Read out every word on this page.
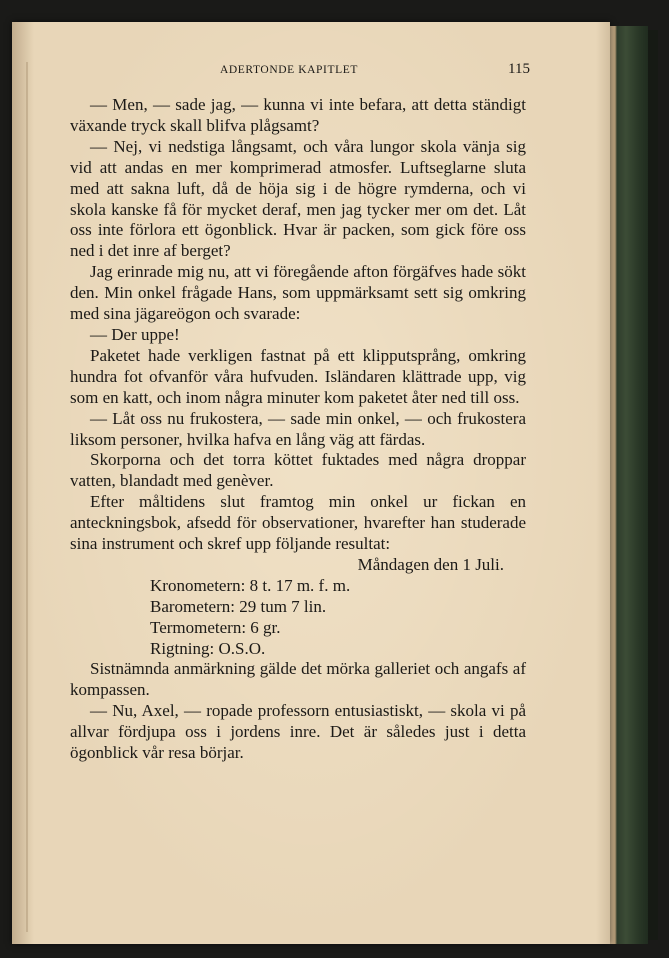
ADERTONDE KAPITLET	115

— Men, — sade jag, — kunna vi inte befara, att detta ständigt växande tryck skall blifva plågsamt?

— Nej, vi nedstiga långsamt, och våra lungor skola vänja sig vid att andas en mer komprimerad atmosfer. Luftseglarne sluta med att sakna luft, då de höja sig i de högre rymderna, och vi skola kanske få för mycket deraf, men jag tycker mer om det. Låt oss inte förlora ett ögonblick. Hvar är packen, som gick före oss ned i det inre af berget?

Jag erinrade mig nu, att vi föregående afton förgäfves hade sökt den. Min onkel frågade Hans, som uppmärksamt sett sig omkring med sina jägareögon och svarade:

— Der uppe!

Paketet hade verkligen fastnat på ett klipputsprång, omkring hundra fot ofvanför våra hufvuden. Isländaren klättrade upp, vig som en katt, och inom några minuter kom paketet åter ned till oss.

— Låt oss nu frukostera, — sade min onkel, — och frukostera liksom personer, hvilka hafva en lång väg att färdas.

Skorporna och det torra köttet fuktades med några droppar vatten, blandadt med genèver.

Efter måltidens slut framtog min onkel ur fickan en anteckningsbok, afsedd för observationer, hvarefter han studerade sina instrument och skref upp följande resultat:

Måndagen den 1 Juli.

Kronometern: 8 t. 17 m. f. m.

Barometern: 29 tum 7 lin.

Termometern: 6 gr.

Rigtning: O.S.O.

Sistnämnda anmärkning gälde det mörka galleriet och angafs af kompassen.

— Nu, Axel, — ropade professorn entusiastiskt, — skola vi på allvar fördjupa oss i jordens inre. Det är således just i detta ögonblick vår resa börjar.
